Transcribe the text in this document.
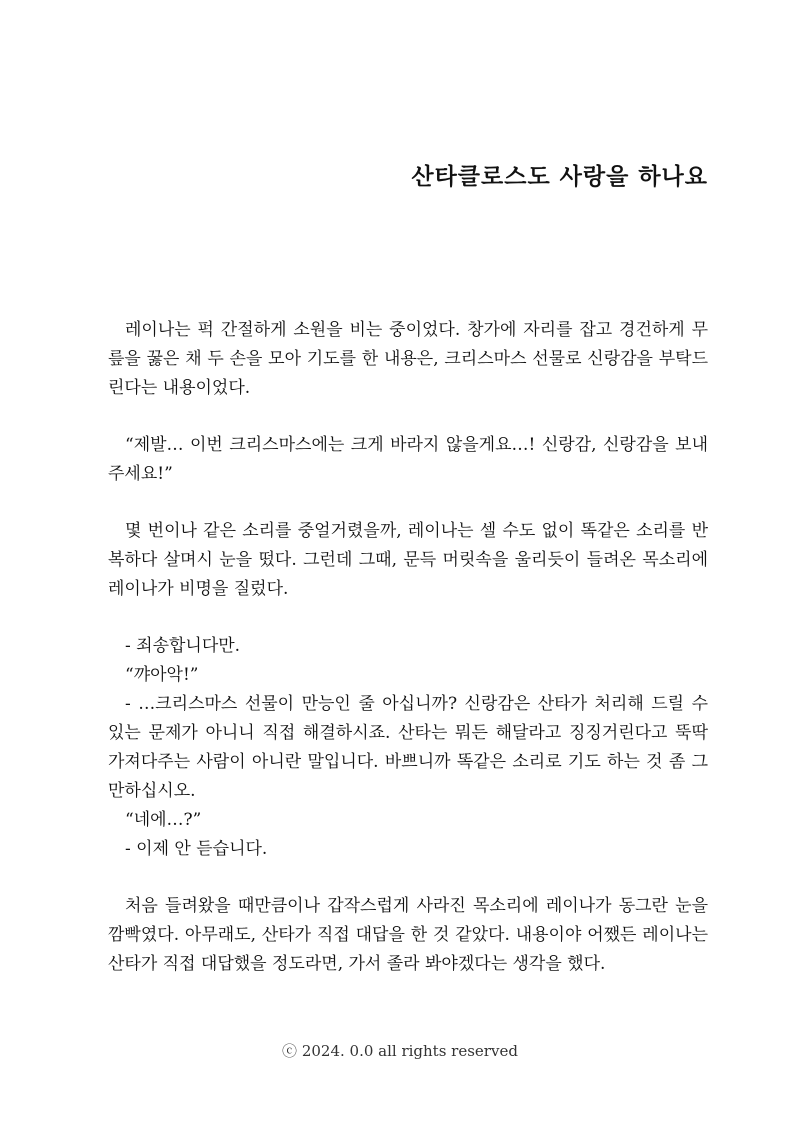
산타클로스도 사랑을 하나요

레이나는 퍽 간절하게 소원을 비는 중이었다. 창가에 자리를 잡고 경건하게 무릎을 꿇은 채 두 손을 모아 기도를 한 내용은, 크리스마스 선물로 신랑감을 부탁드린다는 내용이었다.

“제발… 이번 크리스마스에는 크게 바라지 않을게요…! 신랑감, 신랑감을 보내주세요!”

몇 번이나 같은 소리를 중얼거렸을까, 레이나는 셀 수도 없이 똑같은 소리를 반복하다 살며시 눈을 떴다. 그런데 그때, 문득 머릿속을 울리듯이 들려온 목소리에 레이나가 비명을 질렀다.

- 죄송합니다만.

“꺄아악!”

- …크리스마스 선물이 만능인 줄 아십니까? 신랑감은 산타가 처리해 드릴 수 있는 문제가 아니니 직접 해결하시죠. 산타는 뭐든 해달라고 징징거린다고 뚝딱 가져다주는 사람이 아니란 말입니다. 바쁘니까 똑같은 소리로 기도 하는 것 좀 그만하십시오.

“네에…?”

- 이제 안 듣습니다.

처음 들려왔을 때만큼이나 갑작스럽게 사라진 목소리에 레이나가 동그란 눈을 깜빡였다. 아무래도, 산타가 직접 대답을 한 것 같았다. 내용이야 어쨌든 레이나는 산타가 직접 대답했을 정도라면, 가서 졸라 봐야겠다는 생각을 했다.

ⓒ 2024. 0.0 all rights reserved
